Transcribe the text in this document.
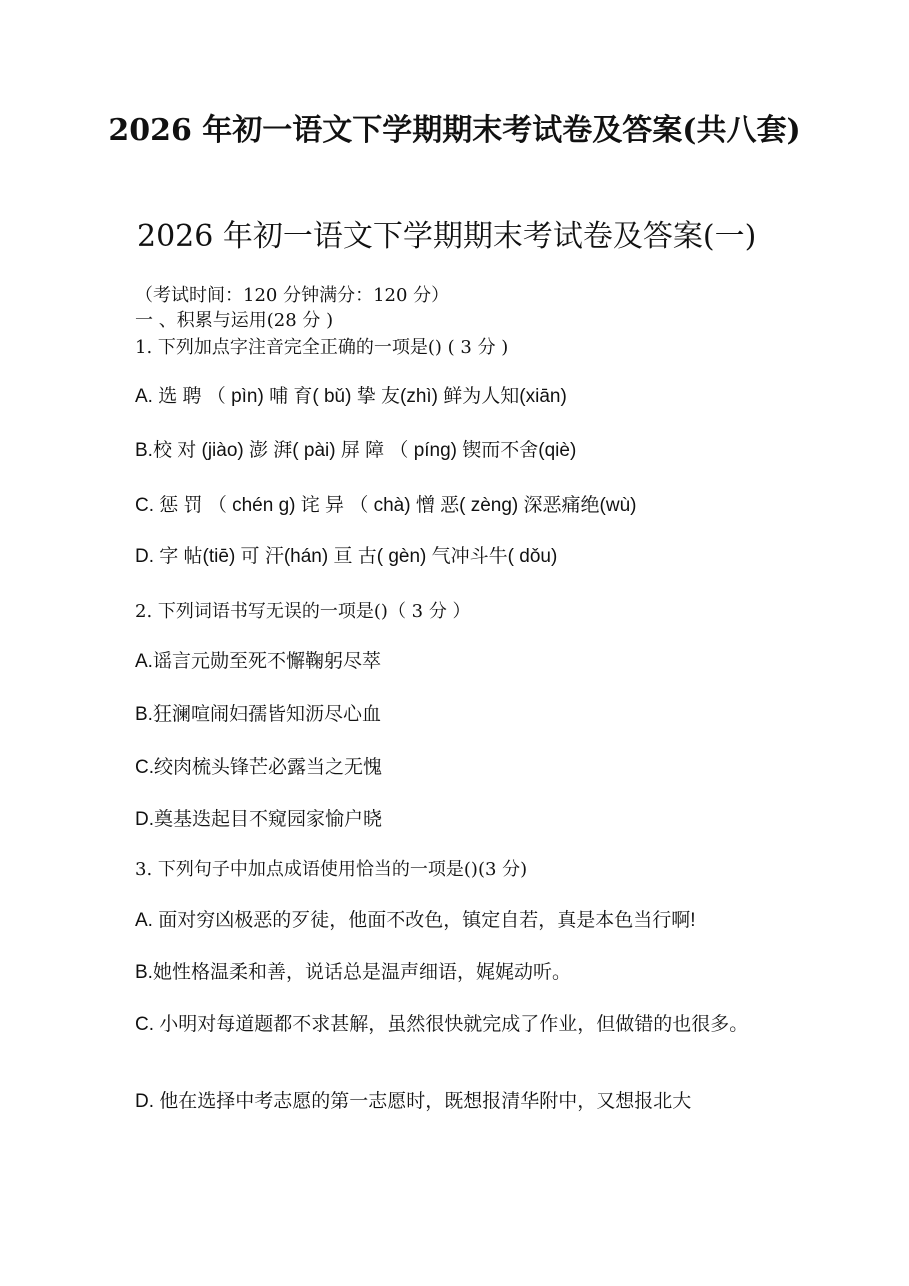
2026 年初一语文下学期期末考试卷及答案(共八套)
2026 年初一语文下学期期末考试卷及答案(一)
（考试时间：120 分钟满分：120 分）
一 、积累与运用(28 分 )
1. 下列加点字注音完全正确的一项是() ( 3 分 )
A. 选 聘 （ pìn) 哺 育( bǔ) 挚 友(zhì) 鲜为人知(xiān)
B.校 对 (jiào) 澎 湃( pài) 屏 障 （ píng) 锲而不舍(qiè)
C. 惩 罚 （ chén g) 诧 异 （ chà) 憎 恶( zèng) 深恶痛绝(wù)
D. 字 帖(tiē) 可 汗(hán) 亘 古( gèn) 气冲斗牛( dǒu)
2. 下列词语书写无误的一项是()（ 3 分 ）
A.谣言元勋至死不懈鞠躬尽萃
B.狂澜喧闹妇孺皆知沥尽心血
C.绞肉梳头锋芒必露当之无愧
D.奠基迭起目不窥园家愉户晓
3. 下列句子中加点成语使用恰当的一项是()(3 分)
A. 面对穷凶极恶的歹徒，他面不改色，镇定自若，真是本色当行啊!
B.她性格温柔和善，说话总是温声细语，娓娓动听。
C. 小明对每道题都不求甚解，虽然很快就完成了作业，但做错的也很多。
D. 他在选择中考志愿的第一志愿时，既想报清华附中，又想报北大
